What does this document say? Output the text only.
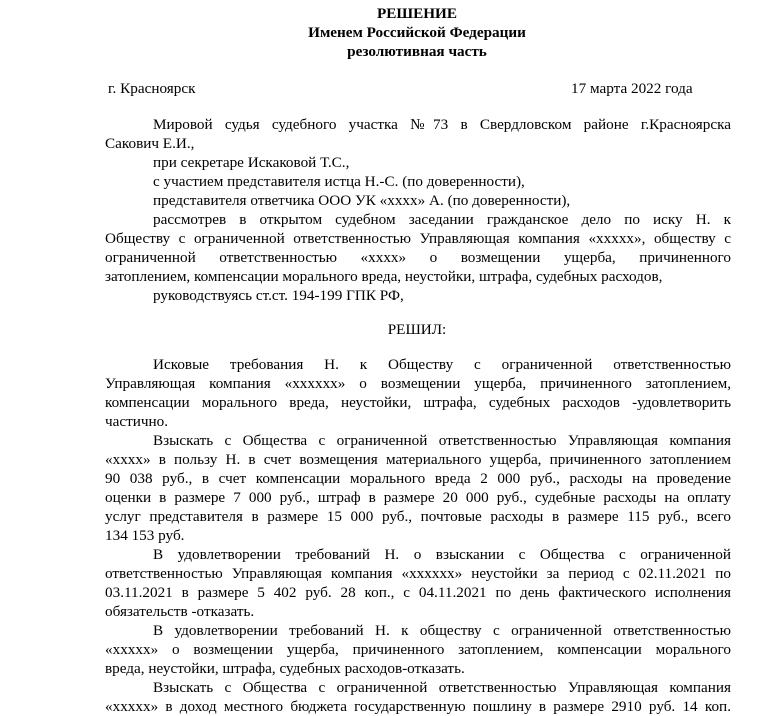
РЕШЕНИЕ
Именем Российской Федерации
резолютивная часть
г. Красноярск	17 марта 2022 года
Мировой судья судебного участка №73 в Свердловском районе г.Красноярска
Сакович Е.И.,
при секретаре Искаковой Т.С.,
с участием представителя истца Н.-С. (по доверенности),
представителя ответчика ООО УК «хххх» А. (по доверенности),
рассмотрев в открытом судебном заседании гражданское дело по иску Н. к
Обществу с ограниченной ответственностью Управляющая компания «ххххх», обществу с
ограниченной ответственностью «хххх» о возмещении ущерба, причиненного
затоплением, компенсации морального вреда, неустойки, штрафа, судебных расходов,
руководствуясь ст.ст. 194-199 ГПК РФ,
РЕШИЛ:
Исковые требования Н. к Обществу с ограниченной ответственностью
Управляющая компания «хххххх» о возмещении ущерба, причиненного затоплением,
компенсации морального вреда, неустойки, штрафа, судебных расходов -удовлетворить
частично.
Взыскать с Общества с ограниченной ответственностью Управляющая компания
«хххх» в пользу Н. в счет возмещения материального ущерба, причиненного затоплением
90 038 руб., в счет компенсации морального вреда 2 000 руб., расходы на проведение
оценки в размере 7 000 руб., штраф в размере 20 000 руб., судебные расходы на оплату
услуг представителя в размере 15 000 руб., почтовые расходы в размере 115 руб., всего
134 153 руб.
В удовлетворении требований Н. о взыскании с Общества с ограниченной
ответственностью Управляющая компания «хххххх» неустойки за период с 02.11.2021 по
03.11.2021 в размере 5 402 руб. 28 коп., с 04.11.2021 по день фактического исполнения
обязательств -отказать.
В удовлетворении требований Н. к обществу с ограниченной ответственностью
«ххххх» о возмещении ущерба, причиненного затоплением, компенсации морального
вреда, неустойки, штрафа, судебных расходов-отказать.
Взыскать с Общества с ограниченной ответственностью Управляющая компания
«ххххх» в доход местного бюджета государственную пошлину в размере 2910 руб. 14 коп.
